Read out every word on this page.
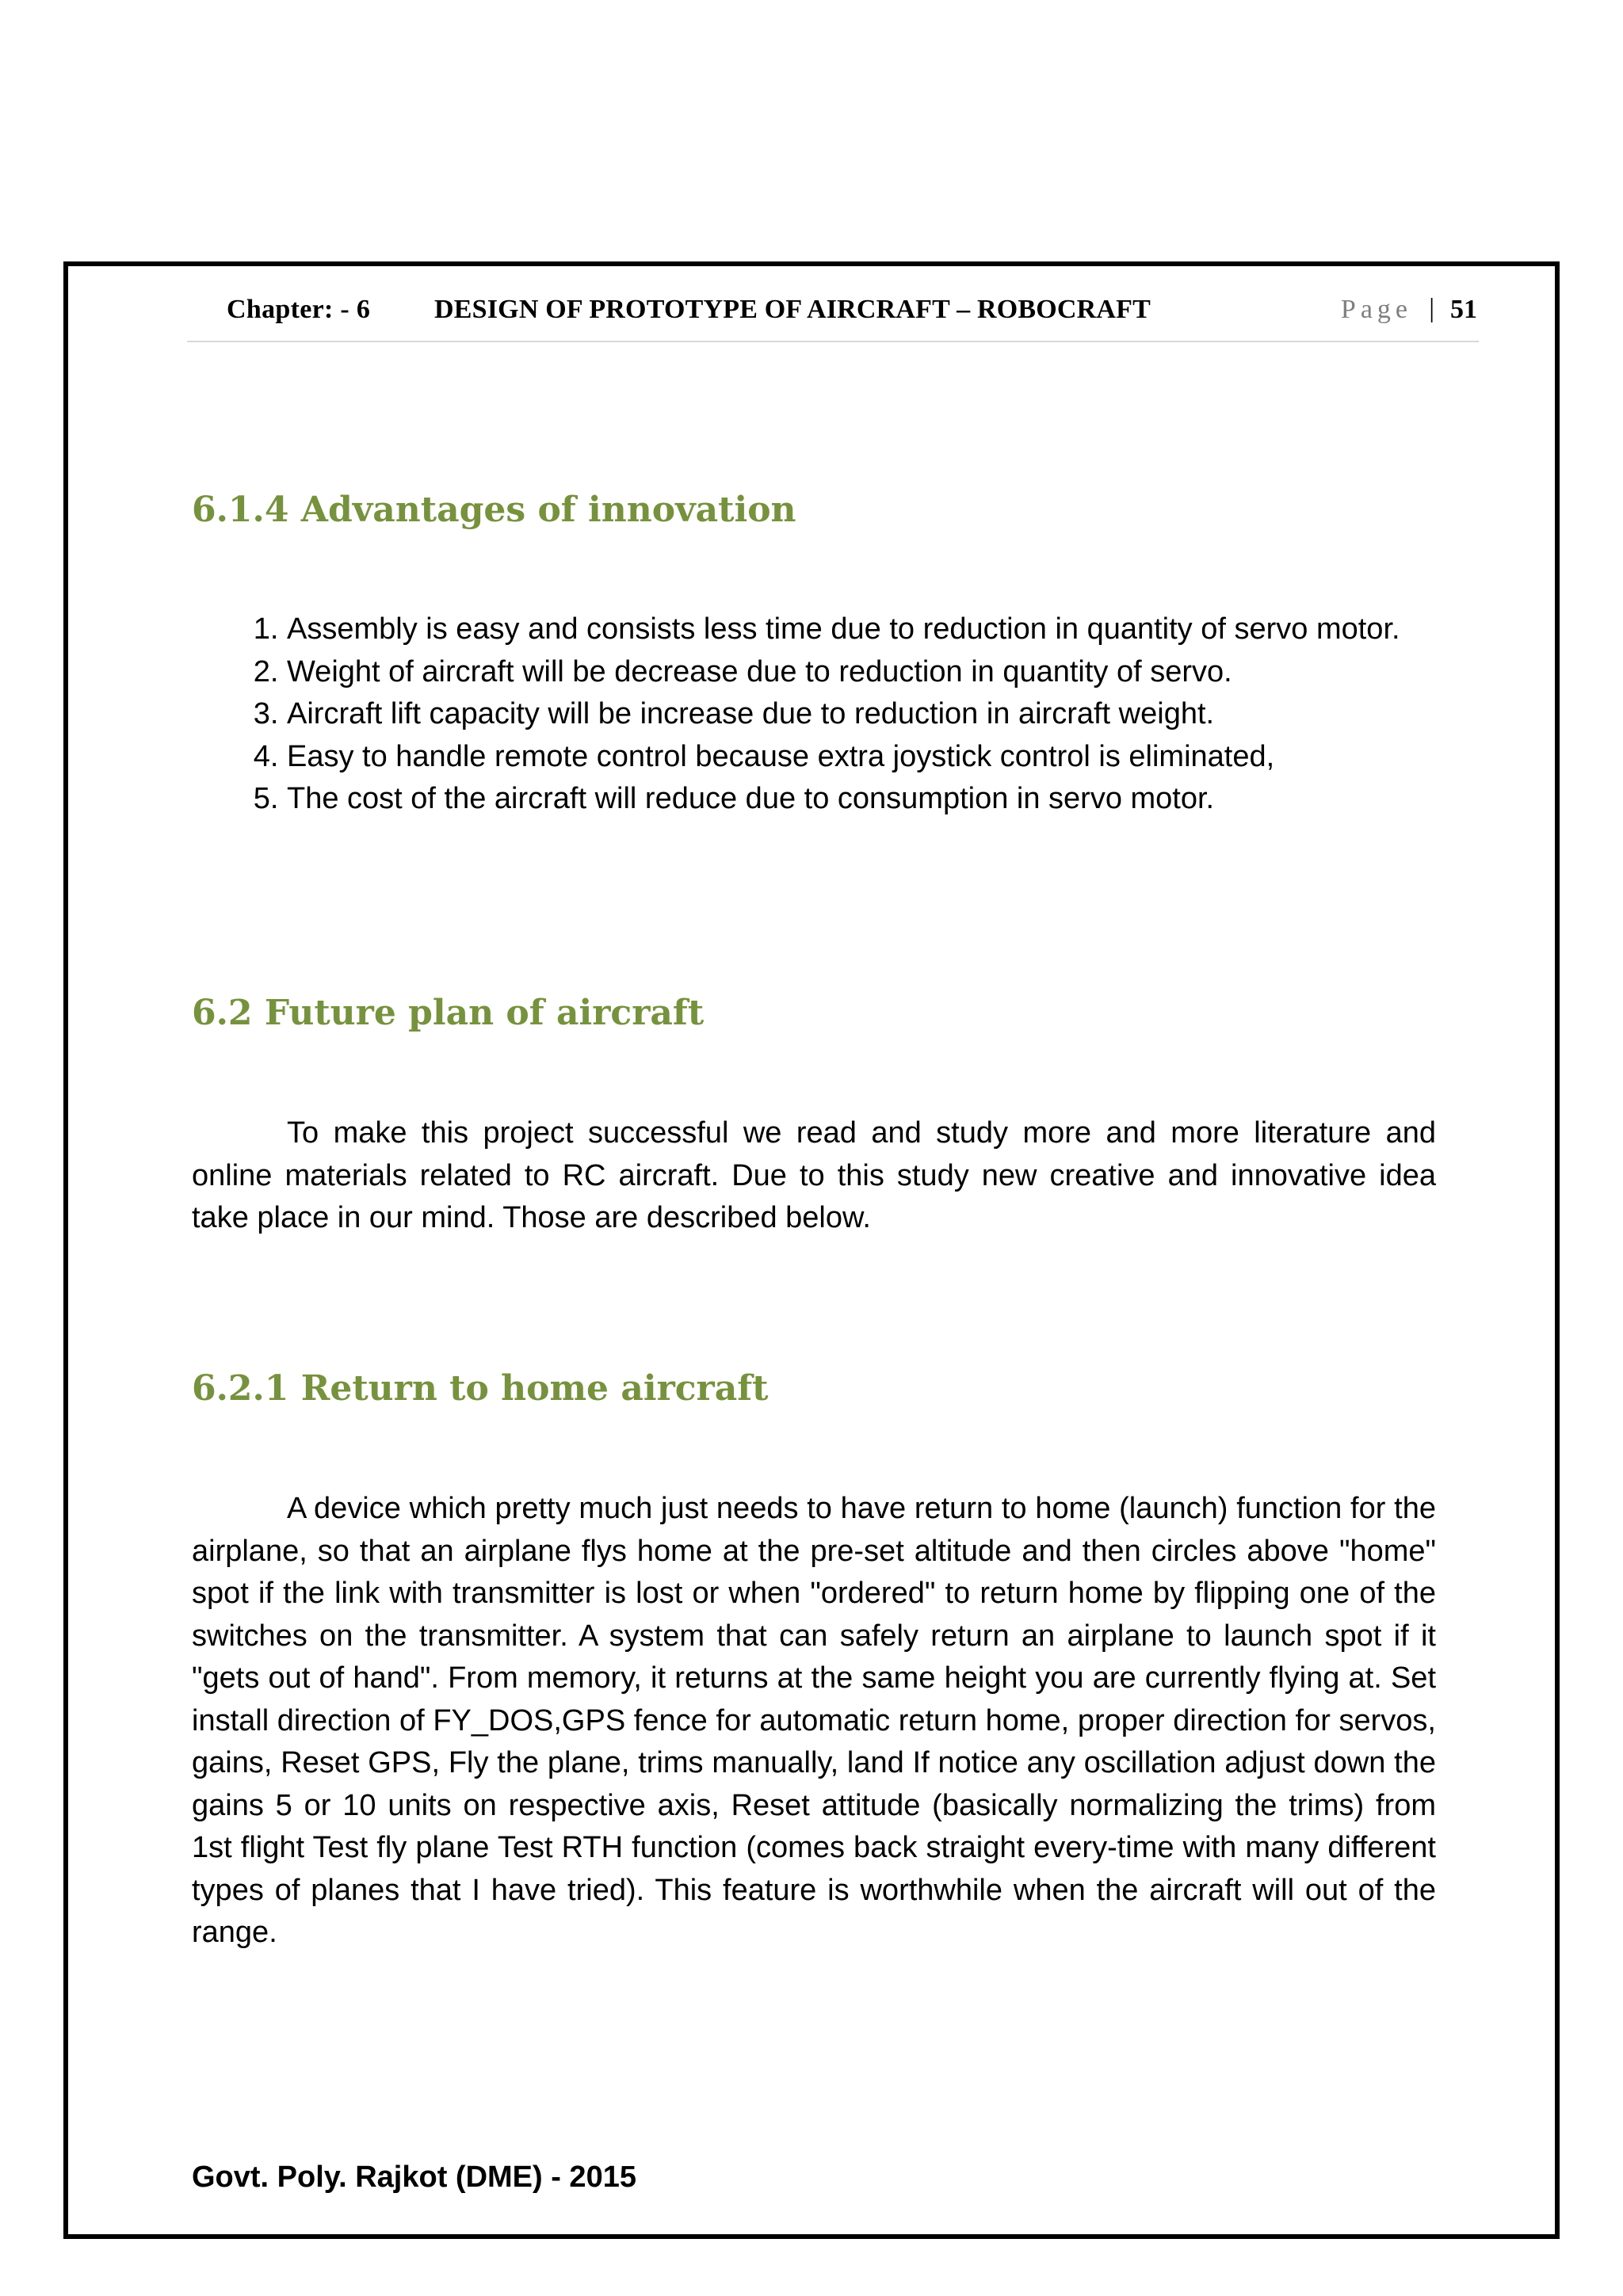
Chapter: - 6 DESIGN OF PROTOTYPE OF AIRCRAFT – ROBOCRAFT	Page | 51
6.1.4 Advantages of innovation
1. Assembly is easy and consists less time due to reduction in quantity of servo motor.
2. Weight of aircraft will be decrease due to reduction in quantity of servo.
3. Aircraft lift capacity will be increase due to reduction in aircraft weight.
4. Easy to handle remote control because extra joystick control is eliminated,
5. The cost of the aircraft will reduce due to consumption in servo motor.
6.2 Future plan of aircraft

To make this project successful we read and study more and more literature and online materials related to RC aircraft. Due to this study new creative and innovative idea take place in our mind. Those are described below.

6.2.1 Return to home aircraft

A device which pretty much just needs to have return to home (launch) function for the airplane, so that an airplane flys home at the pre-set altitude and then circles above "home" spot if the link with transmitter is lost or when "ordered" to return home by flipping one of the switches on the transmitter. A system that can safely return an airplane to launch spot if it "gets out of hand". From memory, it returns at the same height you are currently flying at. Set install direction of FY_DOS,GPS fence for automatic return home, proper direction for servos, gains, Reset GPS, Fly the plane, trims manually, land If notice any oscillation adjust down the gains 5 or 10 units on respective axis, Reset attitude (basically normalizing the trims) from 1st flight Test fly plane Test RTH function (comes back straight every-time with many different types of planes that I have tried). This feature is worthwhile when the aircraft will out of the range.

Govt. Poly. Rajkot (DME) - 2015
